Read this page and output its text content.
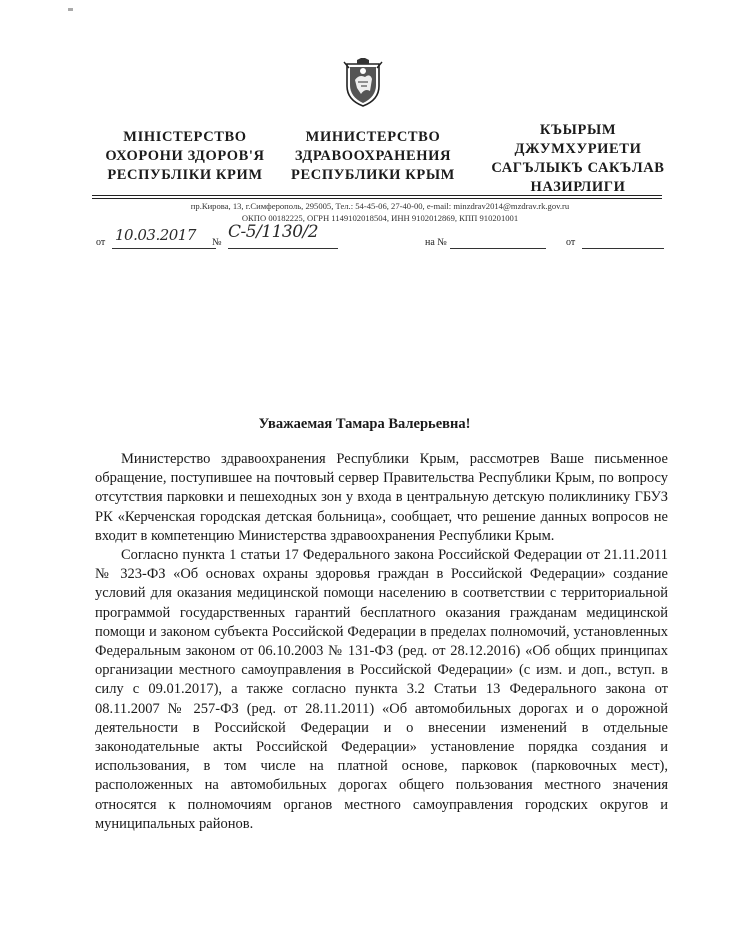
МІНІСТЕРСТВО
ОХОРОНИ ЗДОРОВ'Я
РЕСПУБЛІКИ КРИМ
МИНИСТЕРСТВО
ЗДРАВООХРАНЕНИЯ
РЕСПУБЛИКИ КРЫМ
КЪЫРЫМ
ДЖУМХУРИЕТИ
САГЪЛЫКЪ САКЪЛАВ
НАЗИРЛИГИ
пр.Кирова, 13, г.Симферополь, 295005, Тел.: 54-45-06, 27-40-00, e-mail: minzdrav2014@mzdrav.rk.gov.ru
ОКПО 00182225, ОГРН 1149102018504, ИНН 9102012869, КПП 910201001
от 10.03.2017 №
С-5/1130/2
на №	от
Уважаемая Тамара Валерьевна!

Министерство здравоохранения Республики Крым, рассмотрев Ваше письменное обращение, поступившее на почтовый сервер Правительства Республики Крым, по вопросу отсутствия парковки и пешеходных зон у входа в центральную детскую поликлинику ГБУЗ РК «Керченская городская детская больница», сообщает, что решение данных вопросов не входит в компетенцию Министерства здравоохранения Республики Крым.

Согласно пункта 1 статьи 17 Федерального закона Российской Федерации от 21.11.2011 № 323-ФЗ «Об основах охраны здоровья граждан в Российской Федерации» создание условий для оказания медицинской помощи населению в соответствии с территориальной программой государственных гарантий бесплатного оказания гражданам медицинской помощи и законом субъекта Российской Федерации в пределах полномочий, установленных Федеральным законом от 06.10.2003 № 131-ФЗ (ред. от 28.12.2016) «Об общих принципах организации местного самоуправления в Российской Федерации» (с изм. и доп., вступ. в силу с 09.01.2017), а также согласно пункта 3.2 Статьи 13 Федерального закона от 08.11.2007 № 257-ФЗ (ред. от 28.11.2011) «Об автомобильных дорогах и о дорожной деятельности в Российской Федерации и о внесении изменений в отдельные законодательные акты Российской Федерации» установление порядка создания и использования, в том числе на платной основе, парковок (парковочных мест), расположенных на автомобильных дорогах общего пользования местного значения относятся к полномочиям органов местного самоуправления городских округов и муниципальных районов.
